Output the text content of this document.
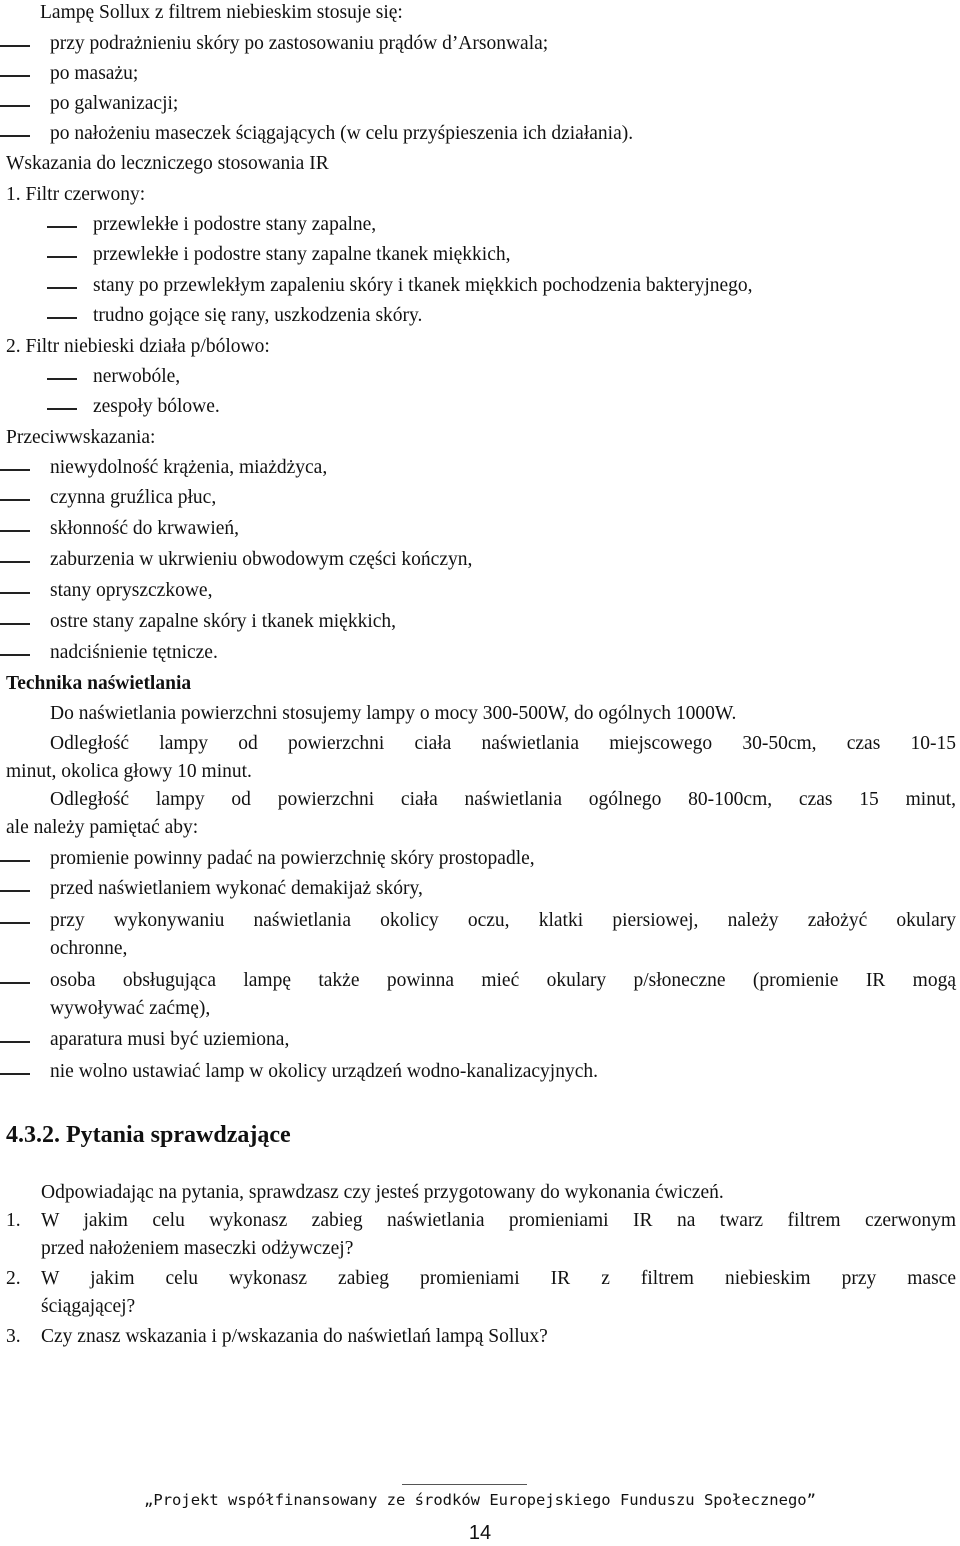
Lampę Sollux z filtrem niebieskim stosuje się:
przy podrażnieniu skóry po zastosowaniu prądów d’Arsonwala;
po masażu;
po galwanizacji;
po nałożeniu maseczek ściągających (w celu przyśpieszenia ich działania).
Wskazania do leczniczego stosowania IR
1. Filtr czerwony:
przewlekłe i podostre stany zapalne,
przewlekłe i podostre stany zapalne tkanek miękkich,
stany po przewlekłym zapaleniu skóry i tkanek miękkich pochodzenia bakteryjnego,
trudno gojące się rany, uszkodzenia skóry.
2. Filtr niebieski działa p/bólowo:
nerwobóle,
zespoły bólowe.
Przeciwwskazania:
niewydolność krążenia, miażdżyca,
czynna gruźlica płuc,
skłonność do krwawień,
zaburzenia w ukrwieniu obwodowym części kończyn,
stany opryszczkowe,
ostre stany zapalne skóry i tkanek miękkich,
nadciśnienie tętnicze.
Technika naświetlania
Do naświetlania powierzchni stosujemy lampy o mocy 300-500W, do ogólnych 1000W.
Odległość lampy od powierzchni ciała naświetlania miejscowego 30-50cm, czas 10-15
minut, okolica głowy 10 minut.
Odległość lampy od powierzchni ciała naświetlania ogólnego 80-100cm, czas 15 minut,
ale należy pamiętać aby:
promienie powinny padać na powierzchnię skóry prostopadle,
przed naświetlaniem wykonać demakijaż skóry,
przy wykonywaniu naświetlania okolicy oczu, klatki piersiowej, należy założyć okulary
ochronne,
osoba obsługująca lampę także powinna mieć okulary p/słoneczne (promienie IR mogą
wywoływać zaćmę),
aparatura musi być uziemiona,
nie wolno ustawiać lamp w okolicy urządzeń wodno-kanalizacyjnych.
4.3.2. Pytania sprawdzające
Odpowiadając na pytania, sprawdzasz czy jesteś przygotowany do wykonania ćwiczeń.
1. W jakim celu wykonasz zabieg naświetlania promieniami IR na twarz filtrem czerwonym
przed nałożeniem maseczki odżywczej?
2. W jakim celu wykonasz zabieg promieniami IR z filtrem niebieskim przy masce
ściągającej?
3. Czy znasz wskazania i p/wskazania do naświetlań lampą Sollux?
„Projekt współfinansowany ze środków Europejskiego Funduszu Społecznego”
14
